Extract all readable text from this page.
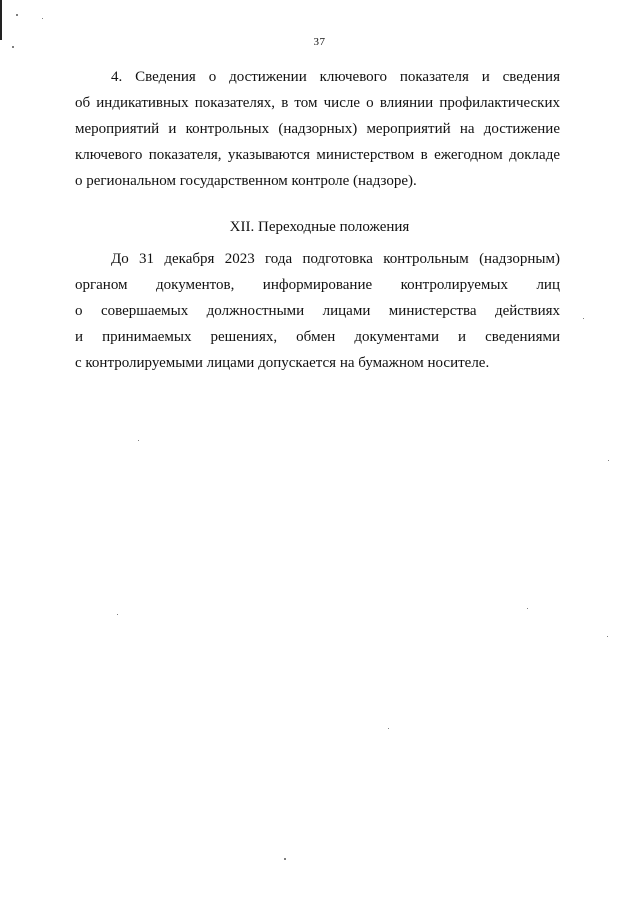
37
4. Сведения о достижении ключевого показателя и сведения
об индикативных показателях, в том числе о влиянии профилактических
мероприятий и контрольных (надзорных) мероприятий на достижение
ключевого показателя, указываются министерством в ежегодном докладе
о региональном государственном контроле (надзоре).
XII. Переходные положения
До 31 декабря 2023 года подготовка контрольным (надзорным)
органом документов, информирование контролируемых лиц
о совершаемых должностными лицами министерства действиях
и принимаемых решениях, обмен документами и сведениями
с контролируемыми лицами допускается на бумажном носителе.
